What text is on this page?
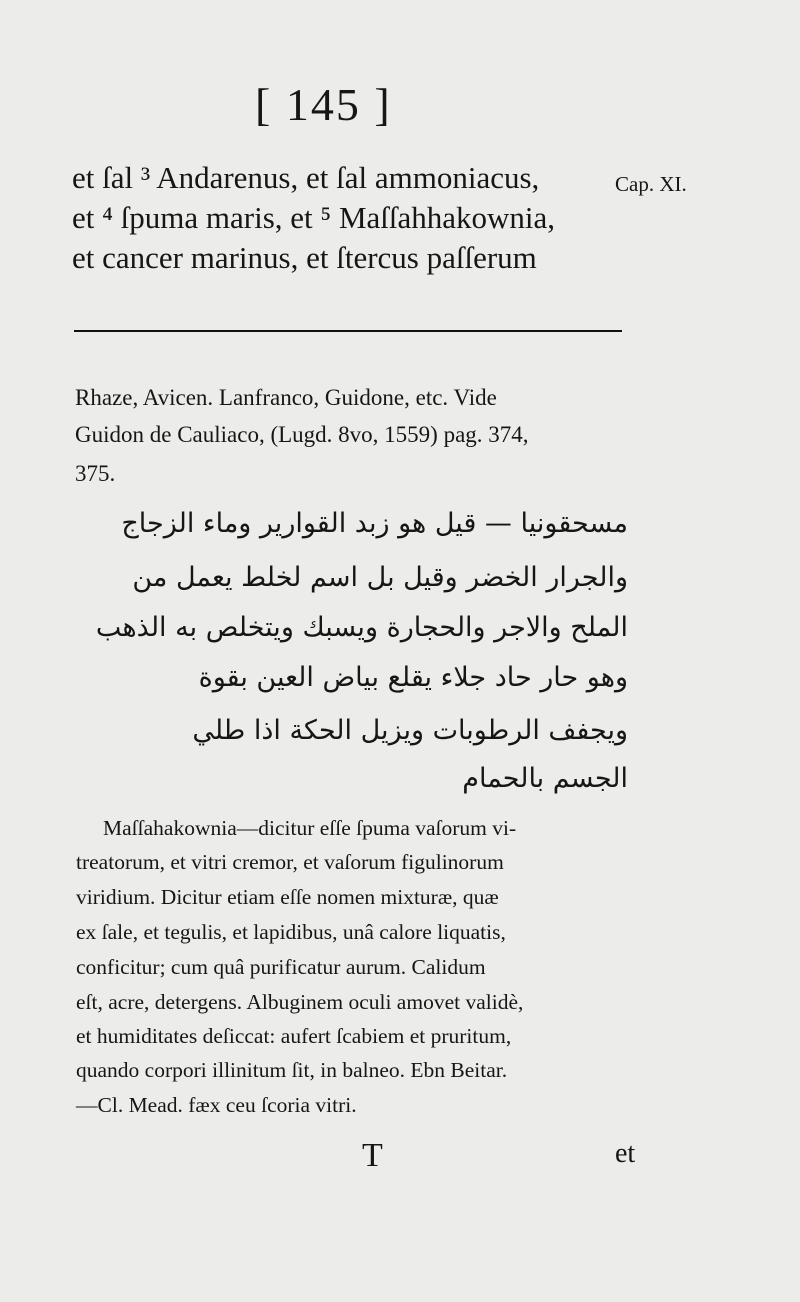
[ 145 ]
et ſal ³ Andarenus, et ſal ammoniacus,
et ⁴ ſpuma maris, et ⁵ Maſſahhakownia,
et cancer marinus, et ſtercus paſſerum
Cap. XI.
Rhaze, Avicen. Lanfranco, Guidone, etc. Vide
Guidon de Cauliaco, (Lugd. 8vo, 1559) pag. 374,
375.
مسحقونيا — قيل هو زبد القوارير وماء الزجاج
والجرار الخضر وقيل بل اسم لخلط يعمل من
الملح والاجر والحجارة ويسبك ويتخلص به الذهب
وهو حار حاد جلاء يقلع بياض العين بقوة
ويجفف الرطوبات ويزيل الحكة اذا طلي
الجسم بالحمام
Maſſahakownia—dicitur eſſe ſpuma vaſorum vi-
treatorum, et vitri cremor, et vaſorum figulinorum
viridium. Dicitur etiam eſſe nomen mixturæ, quæ
ex ſale, et tegulis, et lapidibus, unâ calore liquatis,
conficitur; cum quâ purificatur aurum. Calidum
eſt, acre, detergens. Albuginem oculi amovet validè,
et humiditates deſiccat: aufert ſcabiem et pruritum,
quando corpori illinitum ſit, in balneo. Ebn Beitar.
—Cl. Mead. fæx ceu ſcoria vitri.
T	et
